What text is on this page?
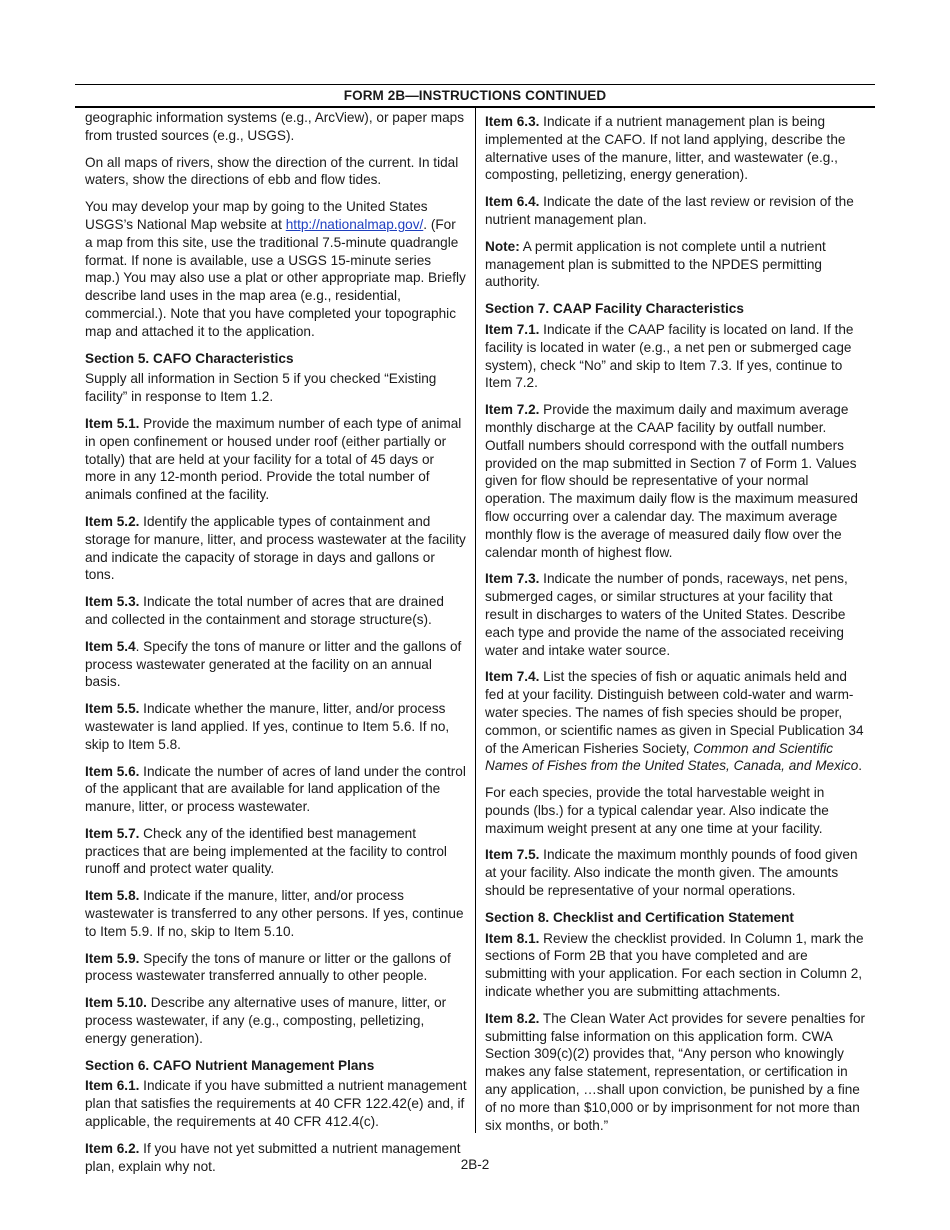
FORM 2B—INSTRUCTIONS CONTINUED

geographic information systems (e.g., ArcView), or paper maps from trusted sources (e.g., USGS).

On all maps of rivers, show the direction of the current. In tidal waters, show the directions of ebb and flow tides.

You may develop your map by going to the United States USGS’s National Map website at http://nationalmap.gov/. (For a map from this site, use the traditional 7.5-minute quadrangle format. If none is available, use a USGS 15-minute series map.) You may also use a plat or other appropriate map. Briefly describe land uses in the map area (e.g., residential, commercial.). Note that you have completed your topographic map and attached it to the application.

Section 5. CAFO Characteristics

Supply all information in Section 5 if you checked “Existing facility” in response to Item 1.2.

Item 5.1. Provide the maximum number of each type of animal in open confinement or housed under roof (either partially or totally) that are held at your facility for a total of 45 days or more in any 12-month period. Provide the total number of animals confined at the facility.

Item 5.2. Identify the applicable types of containment and storage for manure, litter, and process wastewater at the facility and indicate the capacity of storage in days and gallons or tons.

Item 5.3. Indicate the total number of acres that are drained and collected in the containment and storage structure(s).

Item 5.4. Specify the tons of manure or litter and the gallons of process wastewater generated at the facility on an annual basis.

Item 5.5. Indicate whether the manure, litter, and/or process wastewater is land applied. If yes, continue to Item 5.6. If no, skip to Item 5.8.

Item 5.6. Indicate the number of acres of land under the control of the applicant that are available for land application of the manure, litter, or process wastewater.

Item 5.7. Check any of the identified best management practices that are being implemented at the facility to control runoff and protect water quality.

Item 5.8. Indicate if the manure, litter, and/or process wastewater is transferred to any other persons. If yes, continue to Item 5.9. If no, skip to Item 5.10.

Item 5.9. Specify the tons of manure or litter or the gallons of process wastewater transferred annually to other people.

Item 5.10. Describe any alternative uses of manure, litter, or process wastewater, if any (e.g., composting, pelletizing, energy generation).

Section 6. CAFO Nutrient Management Plans

Item 6.1. Indicate if you have submitted a nutrient management plan that satisfies the requirements at 40 CFR 122.42(e) and, if applicable, the requirements at 40 CFR 412.4(c).

Item 6.2. If you have not yet submitted a nutrient management plan, explain why not.

Item 6.3. Indicate if a nutrient management plan is being implemented at the CAFO. If not land applying, describe the alternative uses of the manure, litter, and wastewater (e.g., composting, pelletizing, energy generation).

Item 6.4. Indicate the date of the last review or revision of the nutrient management plan.

Note: A permit application is not complete until a nutrient management plan is submitted to the NPDES permitting authority.

Section 7. CAAP Facility Characteristics

Item 7.1. Indicate if the CAAP facility is located on land. If the facility is located in water (e.g., a net pen or submerged cage system), check “No” and skip to Item 7.3. If yes, continue to Item 7.2.

Item 7.2. Provide the maximum daily and maximum average monthly discharge at the CAAP facility by outfall number. Outfall numbers should correspond with the outfall numbers provided on the map submitted in Section 7 of Form 1. Values given for flow should be representative of your normal operation. The maximum daily flow is the maximum measured flow occurring over a calendar day. The maximum average monthly flow is the average of measured daily flow over the calendar month of highest flow.

Item 7.3. Indicate the number of ponds, raceways, net pens, submerged cages, or similar structures at your facility that result in discharges to waters of the United States. Describe each type and provide the name of the associated receiving water and intake water source.

Item 7.4. List the species of fish or aquatic animals held and fed at your facility. Distinguish between cold-water and warm-water species. The names of fish species should be proper, common, or scientific names as given in Special Publication 34 of the American Fisheries Society, Common and Scientific Names of Fishes from the United States, Canada, and Mexico.

For each species, provide the total harvestable weight in pounds (lbs.) for a typical calendar year. Also indicate the maximum weight present at any one time at your facility.

Item 7.5. Indicate the maximum monthly pounds of food given at your facility. Also indicate the month given. The amounts should be representative of your normal operations.

Section 8. Checklist and Certification Statement

Item 8.1. Review the checklist provided. In Column 1, mark the sections of Form 2B that you have completed and are submitting with your application. For each section in Column 2, indicate whether you are submitting attachments.

Item 8.2. The Clean Water Act provides for severe penalties for submitting false information on this application form. CWA Section 309(c)(2) provides that, “Any person who knowingly makes any false statement, representation, or certification in any application, …shall upon conviction, be punished by a fine of no more than $10,000 or by imprisonment for not more than six months, or both.”

2B-2
